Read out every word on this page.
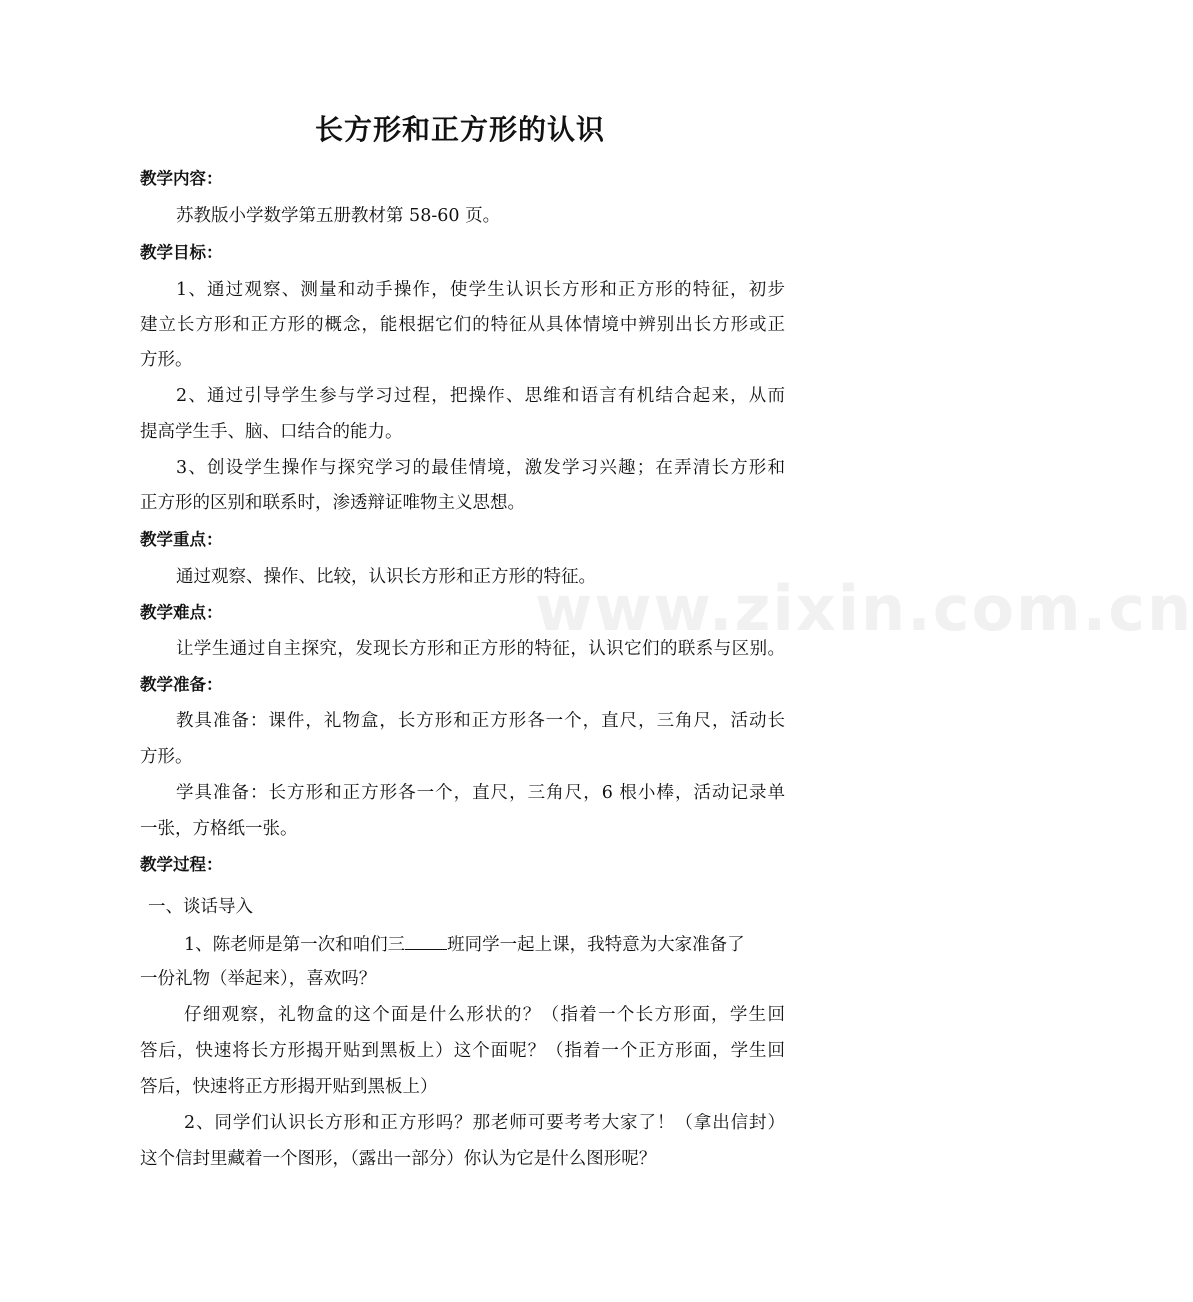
www.zixin.com.cn
长方形和正方形的认识
教学内容：
苏教版小学数学第五册教材第 58-60 页。
教学目标：
1、通过观察、测量和动手操作，使学生认识长方形和正方形的特征，初步
建立长方形和正方形的概念，能根据它们的特征从具体情境中辨别出长方形或正
方形。
2、通过引导学生参与学习过程，把操作、思维和语言有机结合起来，从而
提高学生手、脑、口结合的能力。
3、创设学生操作与探究学习的最佳情境，激发学习兴趣；在弄清长方形和
正方形的区别和联系时，渗透辩证唯物主义思想。
教学重点：
通过观察、操作、比较，认识长方形和正方形的特征。
教学难点：
让学生通过自主探究，发现长方形和正方形的特征，认识它们的联系与区别。
教学准备：
教具准备：课件，礼物盒，长方形和正方形各一个，直尺，三角尺，活动长
方形。
学具准备：长方形和正方形各一个，直尺，三角尺，6 根小棒，活动记录单
一张，方格纸一张。
教学过程：
一、谈话导入
1、陈老师是第一次和咱们三 班同学一起上课，我特意为大家准备了
一份礼物（举起来），喜欢吗？
仔细观察，礼物盒的这个面是什么形状的？（指着一个长方形面，学生回
答后，快速将长方形揭开贴到黑板上）这个面呢？（指着一个正方形面，学生回
答后，快速将正方形揭开贴到黑板上）
2、同学们认识长方形和正方形吗？那老师可要考考大家了！（拿出信封）
这个信封里藏着一个图形，（露出一部分）你认为它是什么图形呢？
